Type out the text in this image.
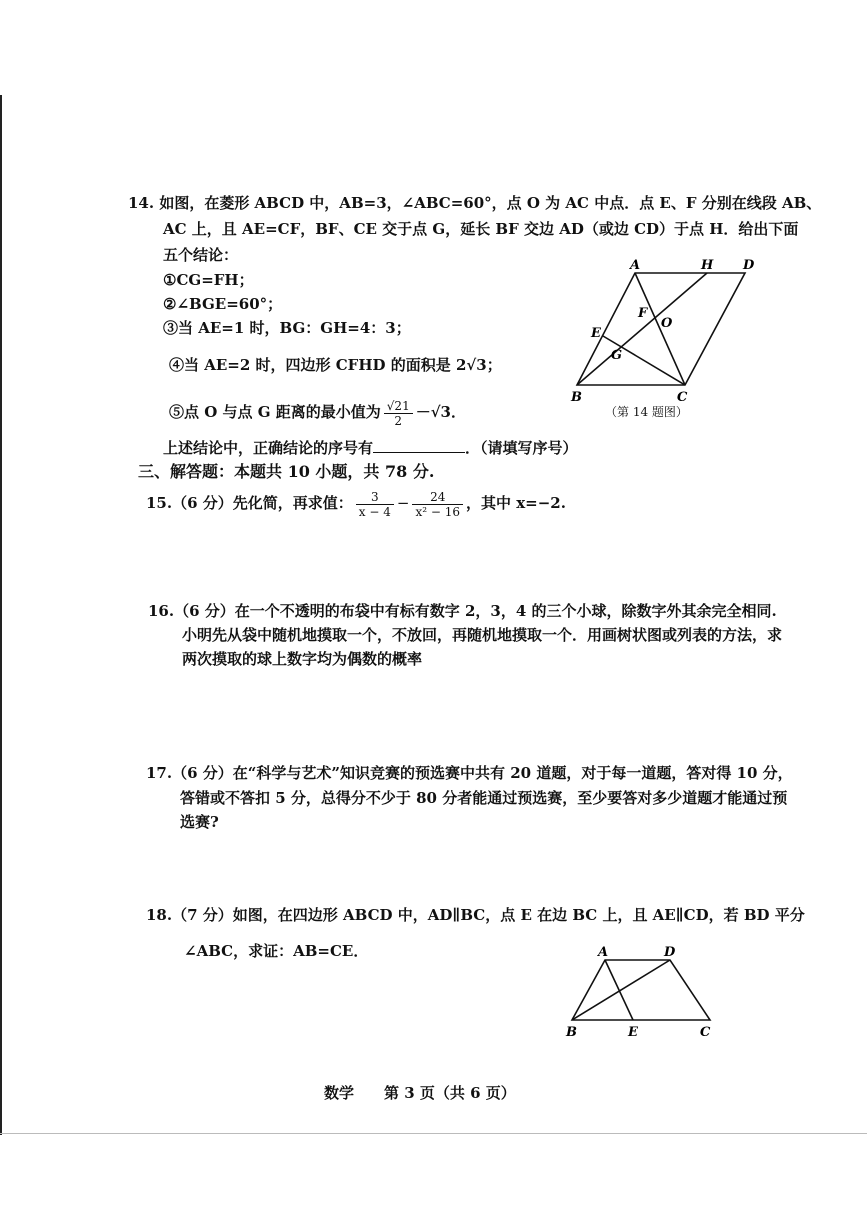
14. 如图，在菱形 ABCD 中，AB=3，∠ABC=60°，点 O 为 AC 中点．点 E、F 分别在线段 AB、
AC 上，且 AE=CF，BF、CE 交于点 G，延长 BF 交边 AD（或边 CD）于点 H．给出下面
五个结论：
①CG=FH；
②∠BGE=60°；
③当 AE=1 时，BG：GH=4：3；
④当 AE=2 时，四边形 CFHD 的面积是 2√3；
⑤点 O 与点 G 距离的最小值为 $\frac{√21}{2} -√3$．
上述结论中，正确结论的序号有	．（请填写序号）
A	H D
F
O
E
G
B	C
（第 14 题图）
三、解答题：本题共 10 小题，共 78 分.
15.（6 分）先化简，再求值： $\frac{3}{x - 4} - \frac{24}{\text{x² − 16}}$ ，其中 x=−2.
16.（6 分）在一个不透明的布袋中有标有数字 2，3，4 的三个小球，除数字外其余完全相同.
小明先从袋中随机地摸取一个，不放回，再随机地摸取一个．用画树状图或列表的方法，求
两次摸取的球上数字均为偶数的概率
17.（6 分）在“科学与艺术”知识竞赛的预选赛中共有 20 道题，对于每一道题，答对得 10 分，
答错或不答扣 5 分，总得分不少于 80 分者能通过预选赛，至少要答对多少道题才能通过预
选赛?
18.（7 分）如图，在四边形 ABCD 中，AD∥BC，点 E 在边 BC 上，且 AE∥CD，若 BD 平分
∠ABC，求证：AB=CE．	A	D
B	E	C
数学　　第 3 页（共 6 页）
